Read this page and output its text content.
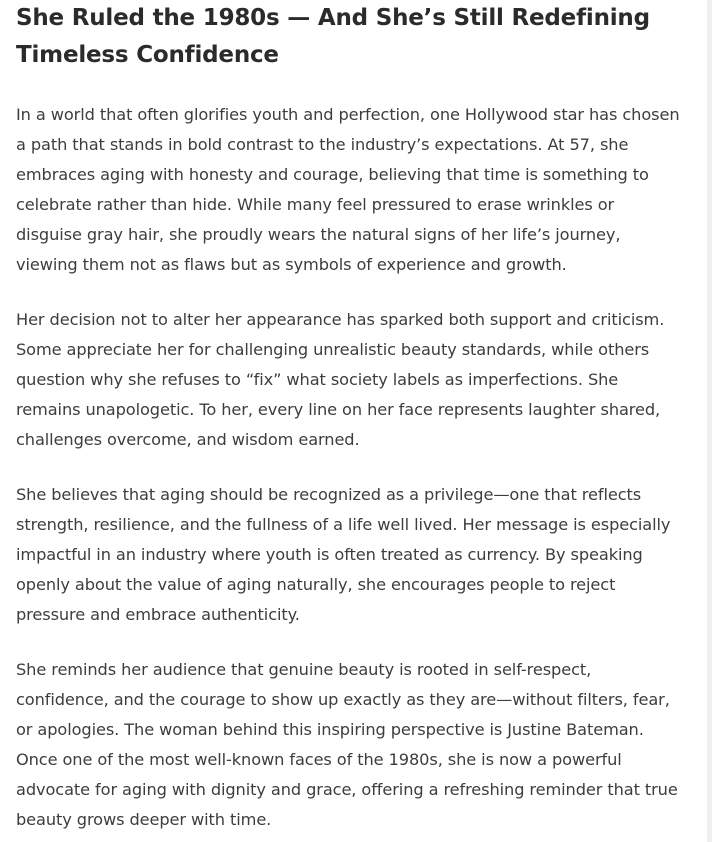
She Ruled the 1980s — And She’s Still Redefining Timeless Confidence

In a world that often glorifies youth and perfection, one Hollywood star has chosen a path that stands in bold contrast to the industry’s expectations. At 57, she embraces aging with honesty and courage, believing that time is something to celebrate rather than hide. While many feel pressured to erase wrinkles or disguise gray hair, she proudly wears the natural signs of her life’s journey, viewing them not as flaws but as symbols of experience and growth.

Her decision not to alter her appearance has sparked both support and criticism. Some appreciate her for challenging unrealistic beauty standards, while others question why she refuses to “fix” what society labels as imperfections. She remains unapologetic. To her, every line on her face represents laughter shared, challenges overcome, and wisdom earned.

She believes that aging should be recognized as a privilege—one that reflects strength, resilience, and the fullness of a life well lived. Her message is especially impactful in an industry where youth is often treated as currency. By speaking openly about the value of aging naturally, she encourages people to reject pressure and embrace authenticity.

She reminds her audience that genuine beauty is rooted in self-respect, confidence, and the courage to show up exactly as they are—without filters, fear, or apologies. The woman behind this inspiring perspective is Justine Bateman. Once one of the most well-known faces of the 1980s, she is now a powerful advocate for aging with dignity and grace, offering a refreshing reminder that true beauty grows deeper with time.
